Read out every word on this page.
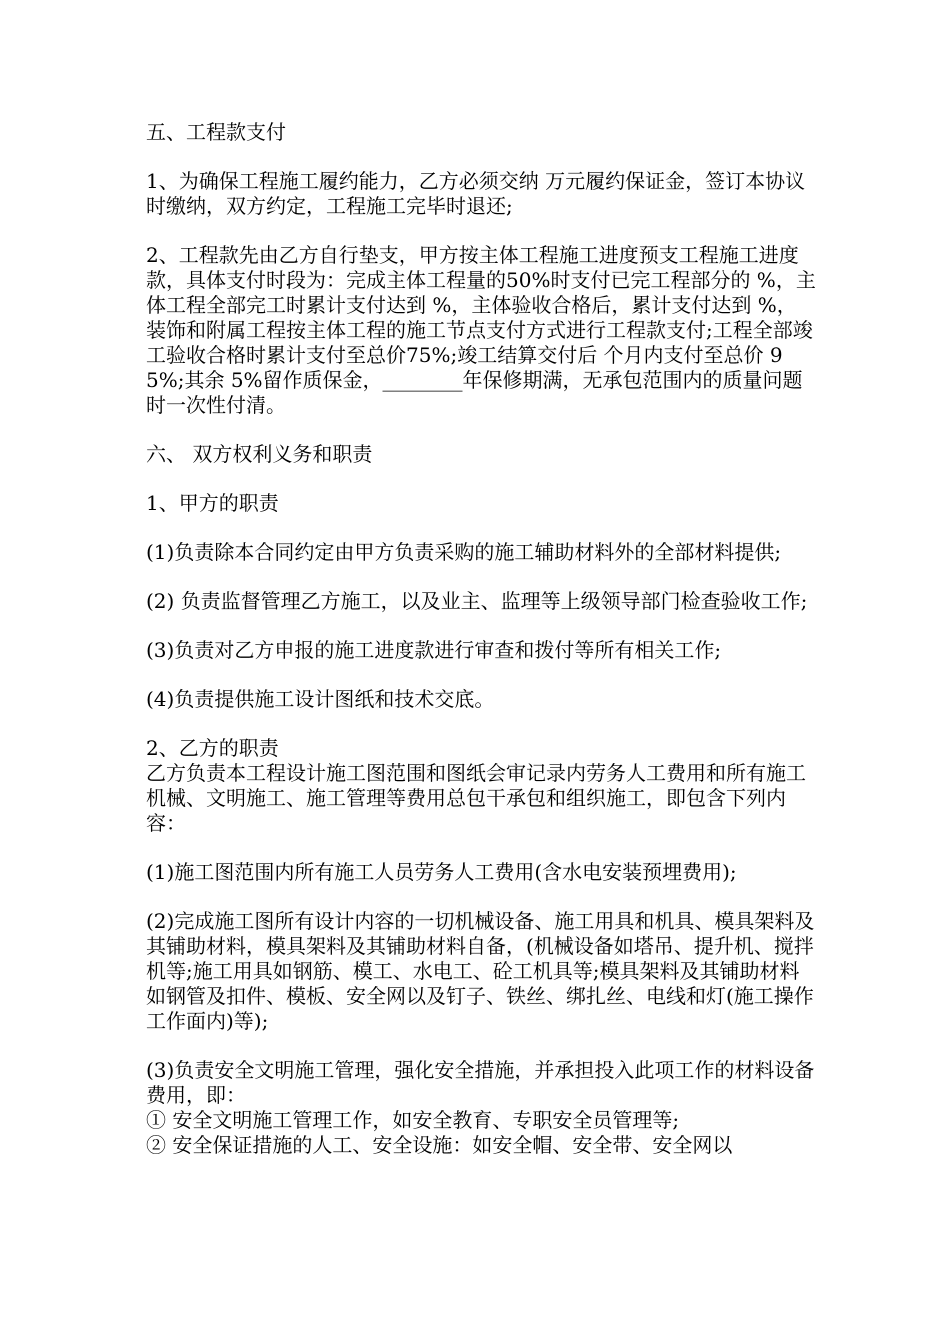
五、工程款支付

1、为确保工程施工履约能力，乙方必须交纳 万元履约保证金，签订本协议时缴纳，双方约定，工程施工完毕时退还;

2、工程款先由乙方自行垫支，甲方按主体工程施工进度预支工程施工进度款，具体支付时段为：完成主体工程量的50%时支付已完工程部分的 %，主体工程全部完工时累计支付达到 %，主体验收合格后，累计支付达到 %，装饰和附属工程按主体工程的施工节点支付方式进行工程款支付;工程全部竣工验收合格时累计支付至总价75%;竣工结算交付后 个月内支付至总价 95%;其余 5%留作质保金，________年保修期满，无承包范围内的质量问题时一次性付清。

六、 双方权利义务和职责

1、甲方的职责

(1)负责除本合同约定由甲方负责采购的施工辅助材料外的全部材料提供;

(2) 负责监督管理乙方施工，以及业主、监理等上级领导部门检查验收工作;

(3)负责对乙方申报的施工进度款进行审查和拨付等所有相关工作;

(4)负责提供施工设计图纸和技术交底。

2、乙方的职责

乙方负责本工程设计施工图范围和图纸会审记录内劳务人工费用和所有施工机械、文明施工、施工管理等费用总包干承包和组织施工，即包含下列内容：

(1)施工图范围内所有施工人员劳务人工费用(含水电安装预埋费用);

(2)完成施工图所有设计内容的一切机械设备、施工用具和机具、模具架料及其铺助材料，模具架料及其铺助材料自备，(机械设备如塔吊、提升机、搅拌机等;施工用具如钢筋、模工、水电工、砼工机具等;模具架料及其铺助材料如钢管及扣件、模板、安全网以及钉子、铁丝、绑扎丝、电线和灯(施工操作工作面内)等);

(3)负责安全文明施工管理，强化安全措施，并承担投入此项工作的材料设备费用，即：

① 安全文明施工管理工作，如安全教育、专职安全员管理等;

② 安全保证措施的人工、安全设施：如安全帽、安全带、安全网以
